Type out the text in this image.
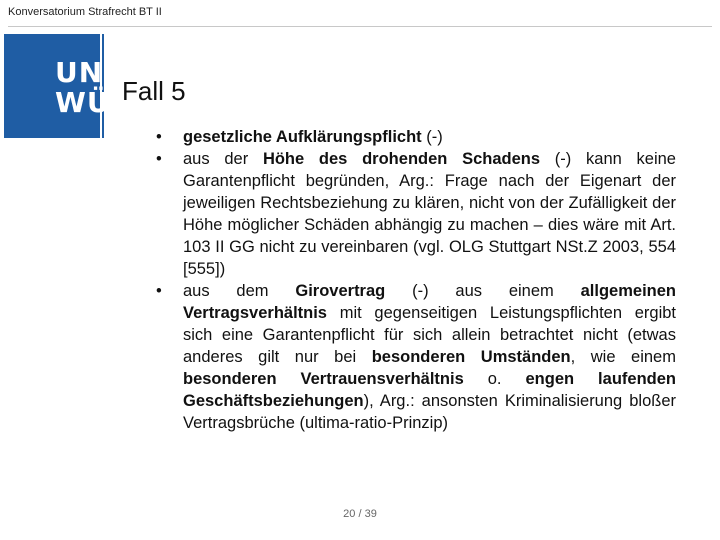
Konversatorium Strafrecht BT II
UNI
WÜ Fall 5
•	gesetzliche Aufklärungspflicht (-)
•	aus der Höhe des drohenden Schadens (-) kann keine Garantenpflicht begründen, Arg.: Frage nach der Eigenart der jeweiligen Rechtsbeziehung zu klären, nicht von der Zufälligkeit der Höhe möglicher Schäden abhängig zu machen – dies wäre mit Art. 103 II GG nicht zu vereinbaren (vgl. OLG Stuttgart NSt.Z 2003, 554 [555])
•	aus dem Girovertrag (-) aus einem allgemeinen Vertragsverhältnis mit gegenseitigen Leistungspflichten ergibt sich eine Garantenpflicht für sich allein betrachtet nicht (etwas anderes gilt nur bei besonderen Umständen, wie einem besonderen Vertrauensverhältnis o. engen laufenden Geschäftsbeziehungen), Arg.: ansonsten Kriminalisierung bloßer Vertragsbrüche (ultima-ratio-Prinzip)
20 / 39
